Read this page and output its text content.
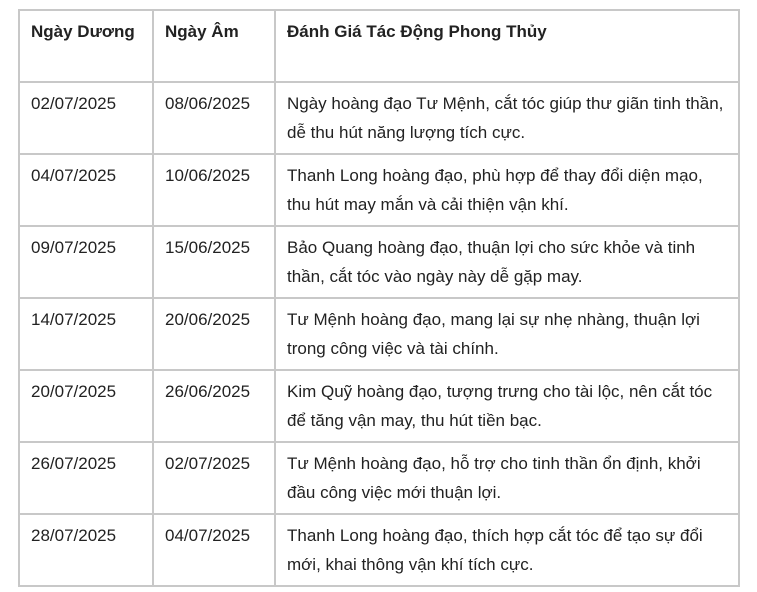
Ngày Dương	Ngày Âm	Đánh Giá Tác Động Phong Thủy
02/07/2025	08/06/2025	Ngày hoàng đạo Tư Mệnh, cắt tóc giúp thư giãn tinh thần, dễ thu hút năng lượng tích cực.
04/07/2025	10/06/2025	Thanh Long hoàng đạo, phù hợp để thay đổi diện mạo, thu hút may mắn và cải thiện vận khí.
09/07/2025	15/06/2025	Bảo Quang hoàng đạo, thuận lợi cho sức khỏe và tinh thần, cắt tóc vào ngày này dễ gặp may.
14/07/2025	20/06/2025	Tư Mệnh hoàng đạo, mang lại sự nhẹ nhàng, thuận lợi trong công việc và tài chính.
20/07/2025	26/06/2025	Kim Quỹ hoàng đạo, tượng trưng cho tài lộc, nên cắt tóc để tăng vận may, thu hút tiền bạc.
26/07/2025	02/07/2025	Tư Mệnh hoàng đạo, hỗ trợ cho tinh thần ổn định, khởi đầu công việc mới thuận lợi.
28/07/2025	04/07/2025	Thanh Long hoàng đạo, thích hợp cắt tóc để tạo sự đổi mới, khai thông vận khí tích cực.
